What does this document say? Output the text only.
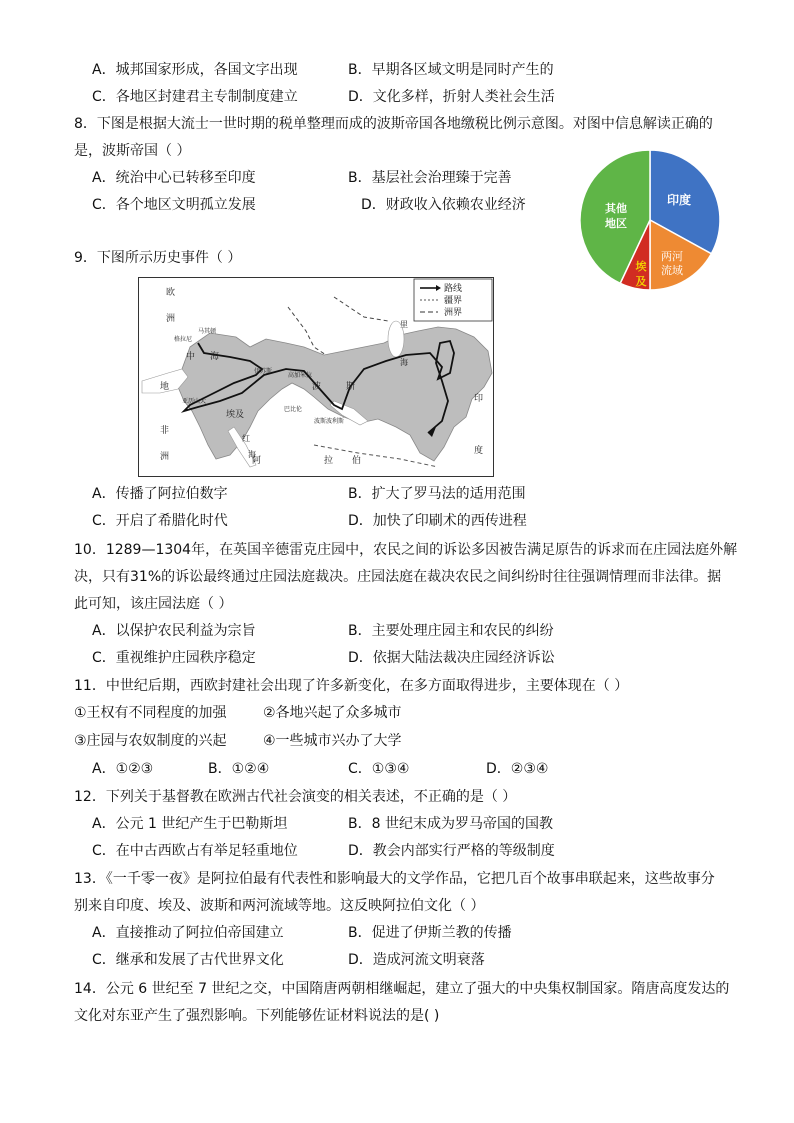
A．城邦国家形成，各国文字出现	B．早期各区域文明是同时产生的
C．各地区封建君主专制制度建立	D．文化多样，折射人类社会生活
8．下图是根据大流士一世时期的税单整理而成的波斯帝国各地缴税比例示意图。对图中信息解读正确的
是，波斯帝国（ ）
A．统治中心已转移至印度	B．基层社会治理臻于完善
C．各个地区文明孤立发展	D．财政收入依赖农业经济	印度
两河
流域
埃
及
其他
地区
9．下图所示历史事件（ ）
路线
疆界
洲界
欧
洲
马其顿
格拉尼
伊苏斯
高加米拉
亚历山大
埃及
巴比伦
波	斯
波斯波利斯
阿	拉 伯
印
度
里
海
地
中 海
非
洲
红
海
A．传播了阿拉伯数字	B．扩大了罗马法的适用范围
C．开启了希腊化时代	D．加快了印刷术的西传进程
10．1289—1304年，在英国辛德雷克庄园中，农民之间的诉讼多因被告满足原告的诉求而在庄园法庭外解
决，只有31%的诉讼最终通过庄园法庭裁决。庄园法庭在裁决农民之间纠纷时往往强调情理而非法律。据
此可知，该庄园法庭（ ）
A．以保护农民利益为宗旨	B．主要处理庄园主和农民的纠纷
C．重视维护庄园秩序稳定	D．依据大陆法裁决庄园经济诉讼
11．中世纪后期，西欧封建社会出现了许多新变化，在多方面取得进步，主要体现在（ ）
①王权有不同程度的加强	②各地兴起了众多城市
③庄园与农奴制度的兴起	④一些城市兴办了大学
A．①②③	B．①②④	C．①③④	D．②③④
12．下列关于基督教在欧洲古代社会演变的相关表述，不正确的是（ ）
A．公元 1 世纪产生于巴勒斯坦	B．8 世纪末成为罗马帝国的国教
C．在中古西欧占有举足轻重地位	D．教会内部实行严格的等级制度
13．《一千零一夜》是阿拉伯最有代表性和影响最大的文学作品，它把几百个故事串联起来，这些故事分
别来自印度、埃及、波斯和两河流域等地。这反映阿拉伯文化（ ）
A．直接推动了阿拉伯帝国建立	B．促进了伊斯兰教的传播
C．继承和发展了古代世界文化	D．造成河流文明衰落
14．公元 6 世纪至 7 世纪之交，中国隋唐两朝相继崛起，建立了强大的中央集权制国家。隋唐高度发达的
文化对东亚产生了强烈影响。下列能够佐证材料说法的是( )
